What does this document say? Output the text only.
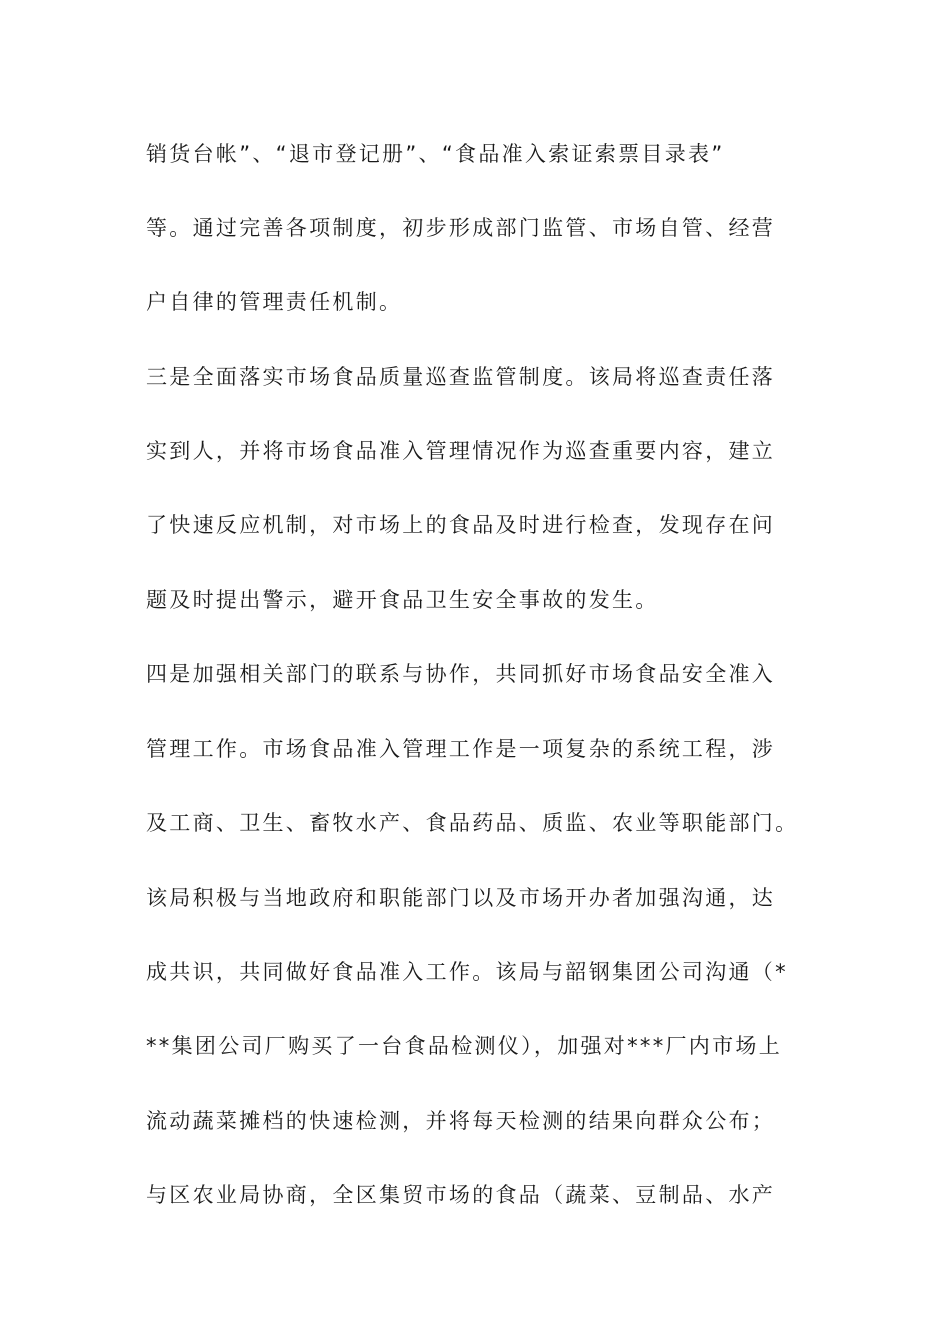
销货台帐”、“退市登记册”、“食品准入索证索票目录表”
等。通过完善各项制度，初步形成部门监管、市场自管、经营
户自律的管理责任机制。
三是全面落实市场食品质量巡查监管制度。该局将巡查责任落
实到人，并将市场食品准入管理情况作为巡查重要内容，建立
了快速反应机制，对市场上的食品及时进行检查，发现存在问
题及时提出警示，避开食品卫生安全事故的发生。
四是加强相关部门的联系与协作，共同抓好市场食品安全准入
管理工作。市场食品准入管理工作是一项复杂的系统工程，涉
及工商、卫生、畜牧水产、食品药品、质监、农业等职能部门。
该局积极与当地政府和职能部门以及市场开办者加强沟通，达
成共识，共同做好食品准入工作。该局与韶钢集团公司沟通（*
**集团公司厂购买了一台食品检测仪），加强对***厂内市场上
流动蔬菜摊档的快速检测，并将每天检测的结果向群众公布；
与区农业局协商，全区集贸市场的食品（蔬菜、豆制品、水产
